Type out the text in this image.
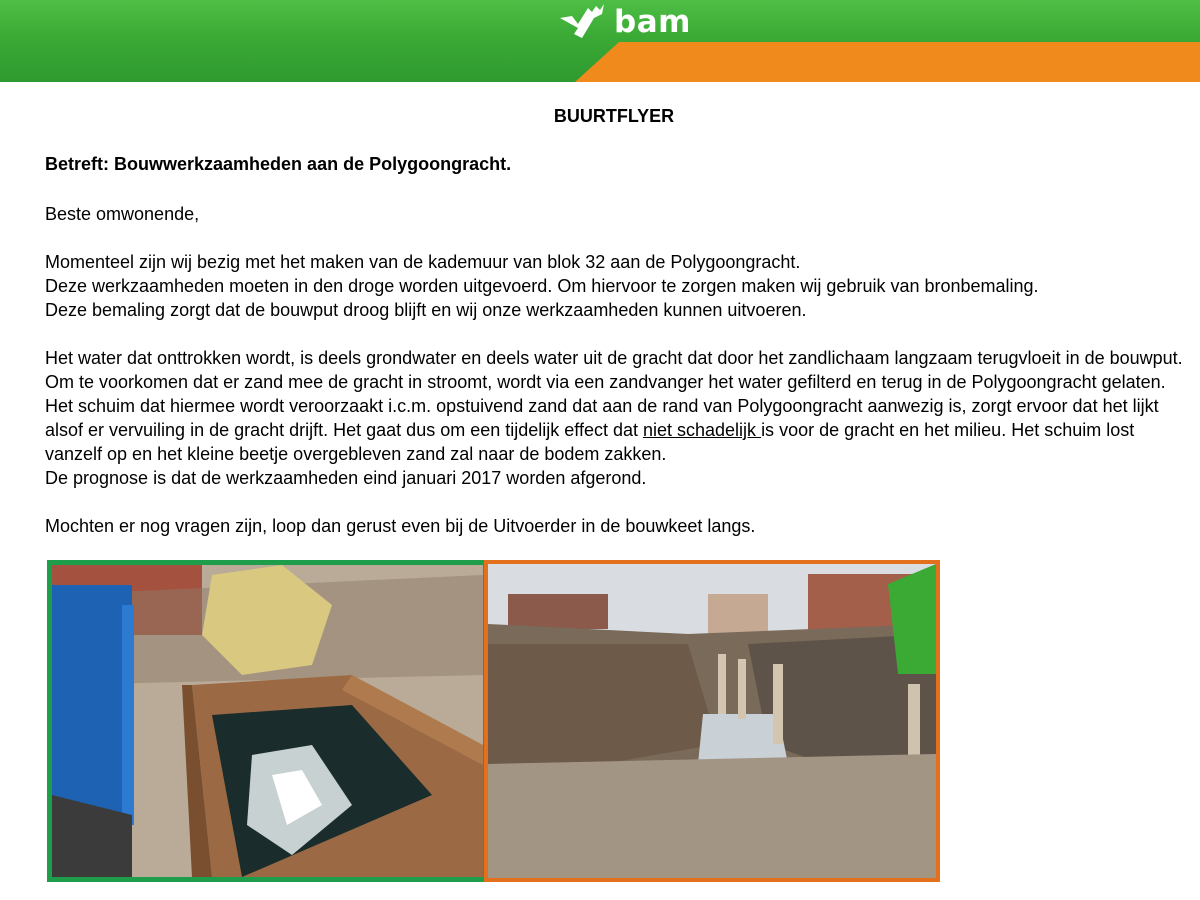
bam
BUURTFLYER
Betreft: Bouwwerkzaamheden aan de Polygoongracht.

Beste omwonende,

Momenteel zijn wij bezig met het maken van de kademuur van blok 32 aan de Polygoongracht.

Deze werkzaamheden moeten in den droge worden uitgevoerd. Om hiervoor te zorgen maken wij gebruik van bronbemaling.

Deze bemaling zorgt dat de bouwput droog blijft en wij onze werkzaamheden kunnen uitvoeren.

Het water dat onttrokken wordt, is deels grondwater en deels water uit de gracht dat door het zandlichaam langzaam terugvloeit in de bouwput. Om te voorkomen dat er zand mee de gracht in stroomt, wordt via een zandvanger het water gefilterd en terug in de Polygoongracht gelaten. Het schuim dat hiermee wordt veroorzaakt i.c.m. opstuivend zand dat aan de rand van Polygoongracht aanwezig is, zorgt ervoor dat het lijkt alsof er vervuiling in de gracht drijft. Het gaat dus om een tijdelijk effect dat niet schadelijk is voor de gracht en het milieu. Het schuim lost vanzelf op en het kleine beetje overgebleven zand zal naar de bodem zakken.

De prognose is dat de werkzaamheden eind januari 2017 worden afgerond.

Mochten er nog vragen zijn, loop dan gerust even bij de Uitvoerder in de bouwkeet langs.
